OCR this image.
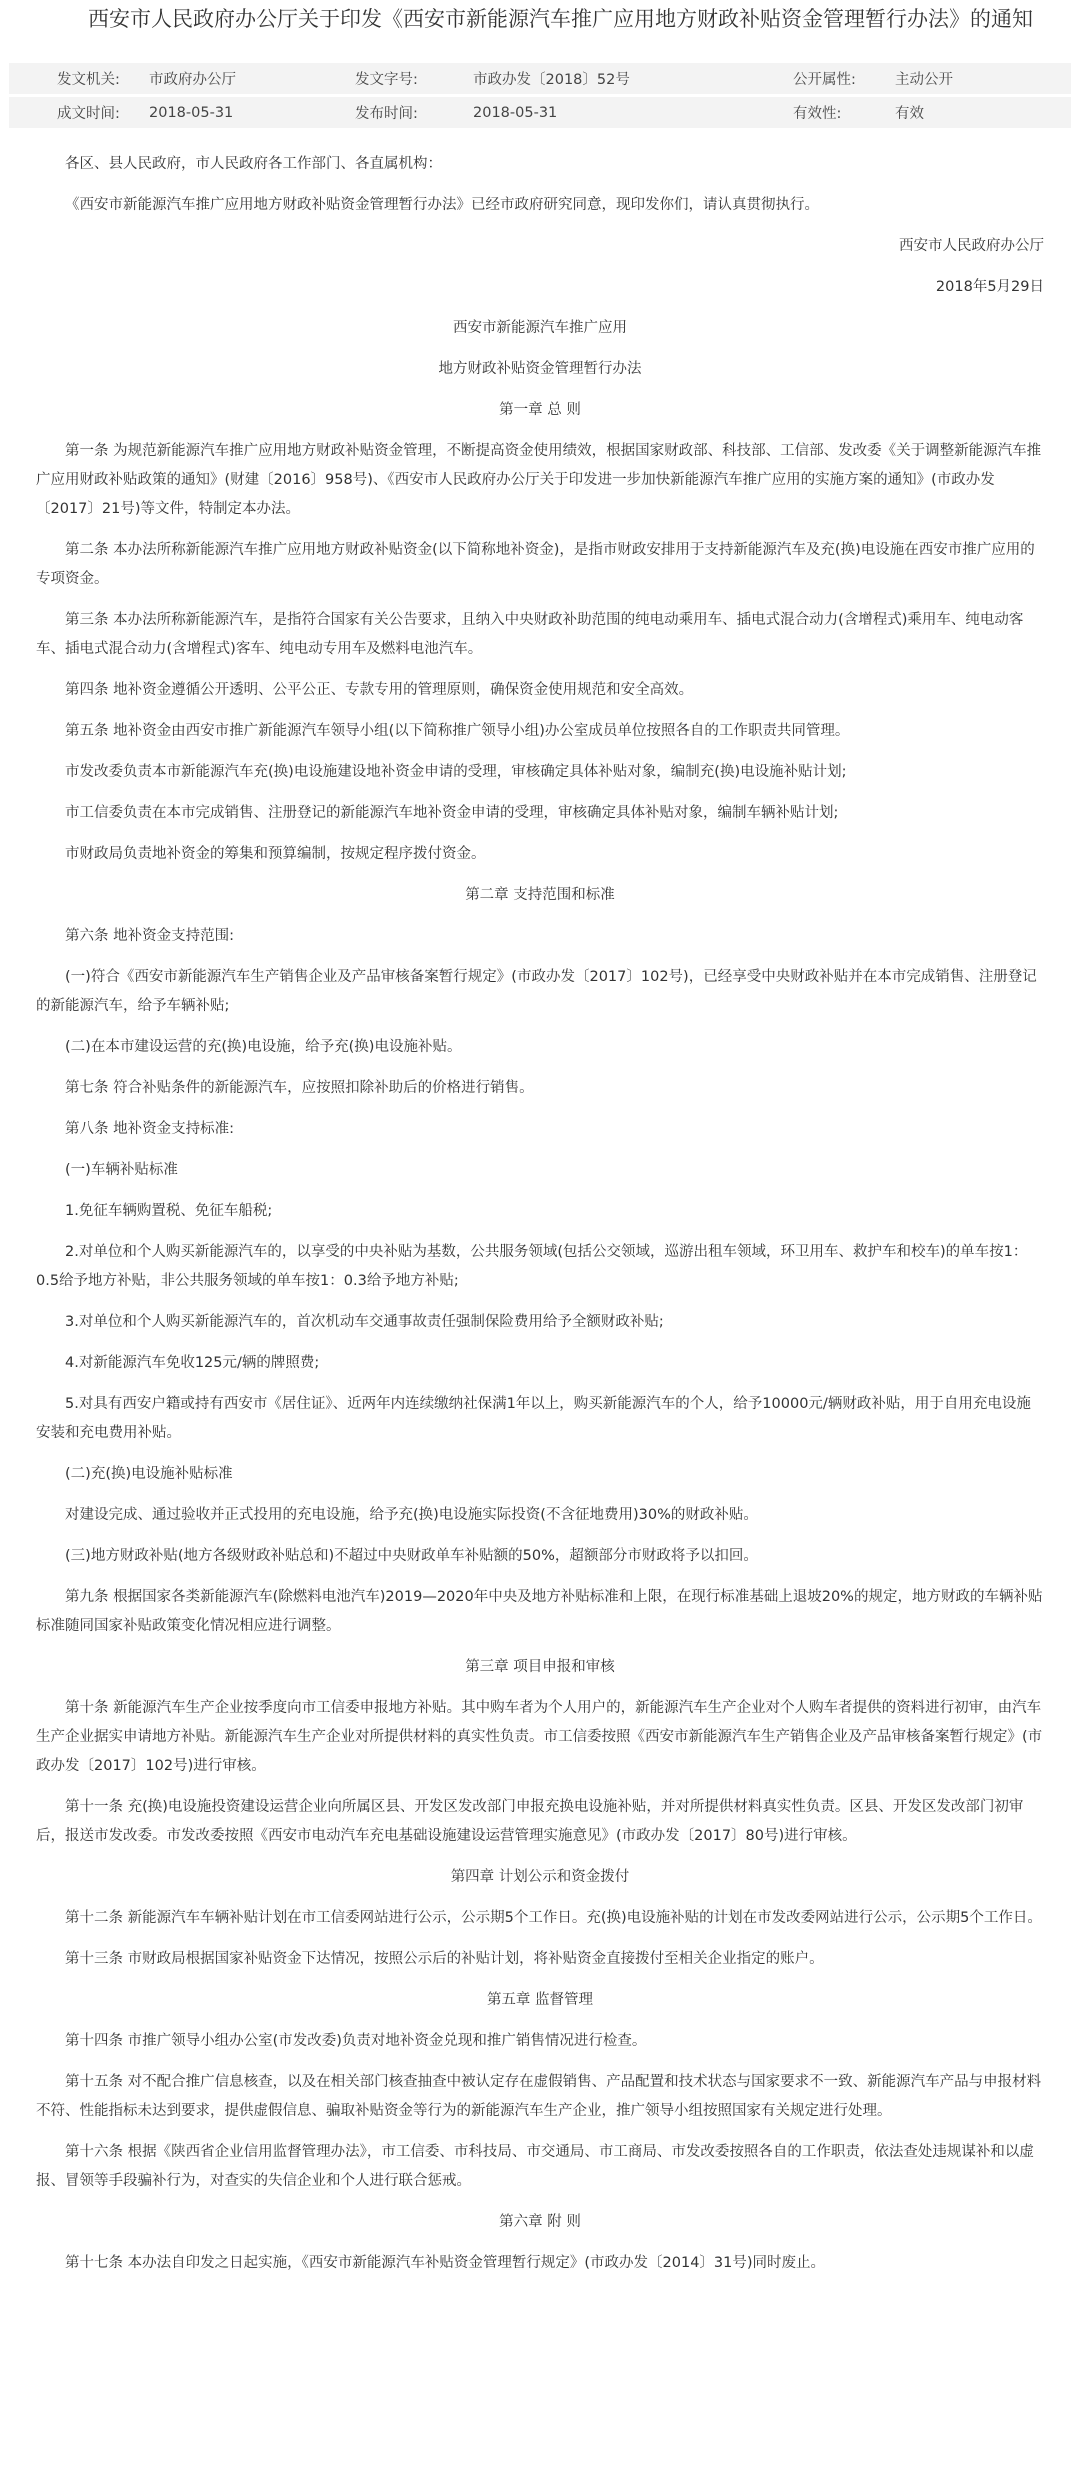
西安市人民政府办公厅关于印发《西安市新能源汽车推广应用地方财政补贴资金管理暂行办法》的通知
发文机关:	市政府办公厅	发文字号:	市政办发〔2018〕52号	公开属性:	主动公开
成文时间:	2018-05-31	发布时间:	2018-05-31	有效性:	有效

各区、县人民政府，市人民政府各工作部门、各直属机构：

《西安市新能源汽车推广应用地方财政补贴资金管理暂行办法》已经市政府研究同意，现印发你们，请认真贯彻执行。

西安市人民政府办公厅

2018年5月29日

西安市新能源汽车推广应用

地方财政补贴资金管理暂行办法

第一章 总 则

第一条 为规范新能源汽车推广应用地方财政补贴资金管理，不断提高资金使用绩效，根据国家财政部、科技部、工信部、发改委《关于调整新能源汽车推广应用财政补贴政策的通知》(财建〔2016〕958号)、《西安市人民政府办公厅关于印发进一步加快新能源汽车推广应用的实施方案的通知》(市政办发〔2017〕21号)等文件，特制定本办法。

第二条 本办法所称新能源汽车推广应用地方财政补贴资金(以下简称地补资金)，是指市财政安排用于支持新能源汽车及充(换)电设施在西安市推广应用的专项资金。

第三条 本办法所称新能源汽车，是指符合国家有关公告要求，且纳入中央财政补助范围的纯电动乘用车、插电式混合动力(含增程式)乘用车、纯电动客车、插电式混合动力(含增程式)客车、纯电动专用车及燃料电池汽车。

第四条 地补资金遵循公开透明、公平公正、专款专用的管理原则，确保资金使用规范和安全高效。

第五条 地补资金由西安市推广新能源汽车领导小组(以下简称推广领导小组)办公室成员单位按照各自的工作职责共同管理。

市发改委负责本市新能源汽车充(换)电设施建设地补资金申请的受理，审核确定具体补贴对象，编制充(换)电设施补贴计划;

市工信委负责在本市完成销售、注册登记的新能源汽车地补资金申请的受理，审核确定具体补贴对象，编制车辆补贴计划;

市财政局负责地补资金的筹集和预算编制，按规定程序拨付资金。

第二章 支持范围和标准

第六条 地补资金支持范围:

(一)符合《西安市新能源汽车生产销售企业及产品审核备案暂行规定》(市政办发〔2017〕102号)，已经享受中央财政补贴并在本市完成销售、注册登记的新能源汽车，给予车辆补贴;

(二)在本市建设运营的充(换)电设施，给予充(换)电设施补贴。

第七条 符合补贴条件的新能源汽车，应按照扣除补助后的价格进行销售。

第八条 地补资金支持标准:

(一)车辆补贴标准

1.免征车辆购置税、免征车船税;

2.对单位和个人购买新能源汽车的，以享受的中央补贴为基数，公共服务领域(包括公交领域，巡游出租车领域，环卫用车、救护车和校车)的单车按1：0.5给予地方补贴，非公共服务领域的单车按1：0.3给予地方补贴;

3.对单位和个人购买新能源汽车的，首次机动车交通事故责任强制保险费用给予全额财政补贴;

4.对新能源汽车免收125元/辆的牌照费;

5.对具有西安户籍或持有西安市《居住证》、近两年内连续缴纳社保满1年以上，购买新能源汽车的个人，给予10000元/辆财政补贴，用于自用充电设施安装和充电费用补贴。

(二)充(换)电设施补贴标准

对建设完成、通过验收并正式投用的充电设施，给予充(换)电设施实际投资(不含征地费用)30%的财政补贴。

(三)地方财政补贴(地方各级财政补贴总和)不超过中央财政单车补贴额的50%，超额部分市财政将予以扣回。

第九条 根据国家各类新能源汽车(除燃料电池汽车)2019—2020年中央及地方补贴标准和上限，在现行标准基础上退坡20%的规定，地方财政的车辆补贴标准随同国家补贴政策变化情况相应进行调整。

第三章 项目申报和审核

第十条 新能源汽车生产企业按季度向市工信委申报地方补贴。其中购车者为个人用户的，新能源汽车生产企业对个人购车者提供的资料进行初审，由汽车生产企业据实申请地方补贴。新能源汽车生产企业对所提供材料的真实性负责。市工信委按照《西安市新能源汽车生产销售企业及产品审核备案暂行规定》(市政办发〔2017〕102号)进行审核。

第十一条 充(换)电设施投资建设运营企业向所属区县、开发区发改部门申报充换电设施补贴，并对所提供材料真实性负责。区县、开发区发改部门初审后，报送市发改委。市发改委按照《西安市电动汽车充电基础设施建设运营管理实施意见》(市政办发〔2017〕80号)进行审核。

第四章 计划公示和资金拨付

第十二条 新能源汽车车辆补贴计划在市工信委网站进行公示，公示期5个工作日。充(换)电设施补贴的计划在市发改委网站进行公示，公示期5个工作日。

第十三条 市财政局根据国家补贴资金下达情况，按照公示后的补贴计划，将补贴资金直接拨付至相关企业指定的账户。

第五章 监督管理

第十四条 市推广领导小组办公室(市发改委)负责对地补资金兑现和推广销售情况进行检查。

第十五条 对不配合推广信息核查，以及在相关部门核查抽查中被认定存在虚假销售、产品配置和技术状态与国家要求不一致、新能源汽车产品与申报材料不符、性能指标未达到要求，提供虚假信息、骗取补贴资金等行为的新能源汽车生产企业，推广领导小组按照国家有关规定进行处理。

第十六条 根据《陕西省企业信用监督管理办法》，市工信委、市科技局、市交通局、市工商局、市发改委按照各自的工作职责，依法查处违规谋补和以虚报、冒领等手段骗补行为，对查实的失信企业和个人进行联合惩戒。

第六章 附 则

第十七条 本办法自印发之日起实施，《西安市新能源汽车补贴资金管理暂行规定》(市政办发〔2014〕31号)同时废止。
